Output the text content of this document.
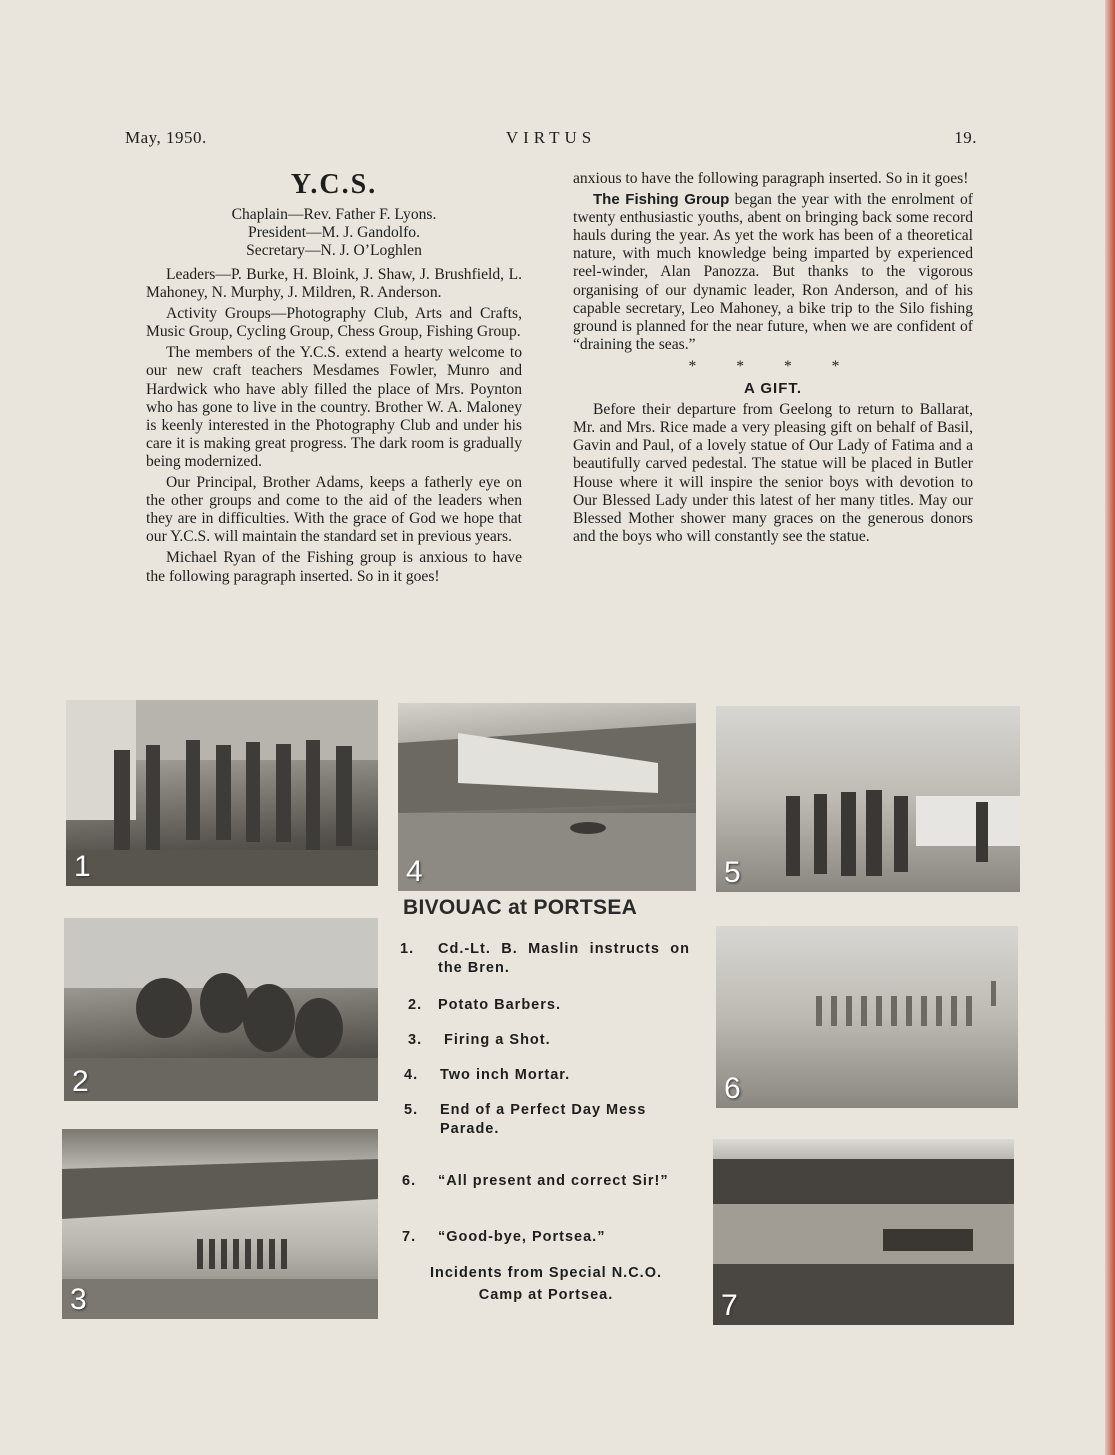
May, 1950.	VIRTUS	19.
Y.C.S.

Chaplain—Rev. Father F. Lyons.

President—M. J. Gandolfo.

Secretary—N. J. O’Loghlen

Leaders—P. Burke, H. Bloink, J. Shaw, J. Brushfield, L. Mahoney, N. Murphy, J. Mildren, R. Anderson.

Activity Groups—Photography Club, Arts and Crafts, Music Group, Cycling Group, Chess Group, Fishing Group.

The members of the Y.C.S. extend a hearty welcome to our new craft teachers Mesdames Fowler, Munro and Hardwick who have ably filled the place of Mrs. Poynton who has gone to live in the country. Brother W. A. Maloney is keenly interested in the Photography Club and under his care it is making great progress. The dark room is gradually being modernized.

Our Principal, Brother Adams, keeps a fatherly eye on the other groups and come to the aid of the leaders when they are in difficulties. With the grace of God we hope that our Y.C.S. will maintain the standard set in previous years.

Michael Ryan of the Fishing group is anxious to have the following paragraph inserted. So in it goes!

anxious to have the following paragraph inserted. So in it goes!

The Fishing Group began the year with the enrolment of twenty enthusiastic youths, abent on bringing back some record hauls during the year. As yet the work has been of a theoretical nature, with much knowledge being imparted by experienced reel-winder, Alan Panozza. But thanks to the vigorous organising of our dynamic leader, Ron Anderson, and of his capable secretary, Leo Mahoney, a bike trip to the Silo fishing ground is planned for the near future, when we are confident of “draining the seas.”

* * * *

A GIFT.

Before their departure from Geelong to return to Ballarat, Mr. and Mrs. Rice made a very pleasing gift on behalf of Basil, Gavin and Paul, of a lovely statue of Our Lady of Fatima and a beautifully carved pedestal. The statue will be placed in Butler House where it will inspire the senior boys with devotion to Our Blessed Lady under this latest of her many titles. May our Blessed Mother shower many graces on the generous donors and the boys who will constantly see the statue.

1	4	5
2	6
3	7
BIVOUAC at PORTSEA
1. Cd.-Lt. B. Maslin instructs on the Bren.
2. Potato Barbers.
3. Firing a Shot.
4. Two inch Mortar.
5. End of a Perfect Day Mess Parade.
6. “All present and correct Sir!”
7. “Good-bye, Portsea.”
Incidents from Special N.C.O.
Camp at Portsea.
